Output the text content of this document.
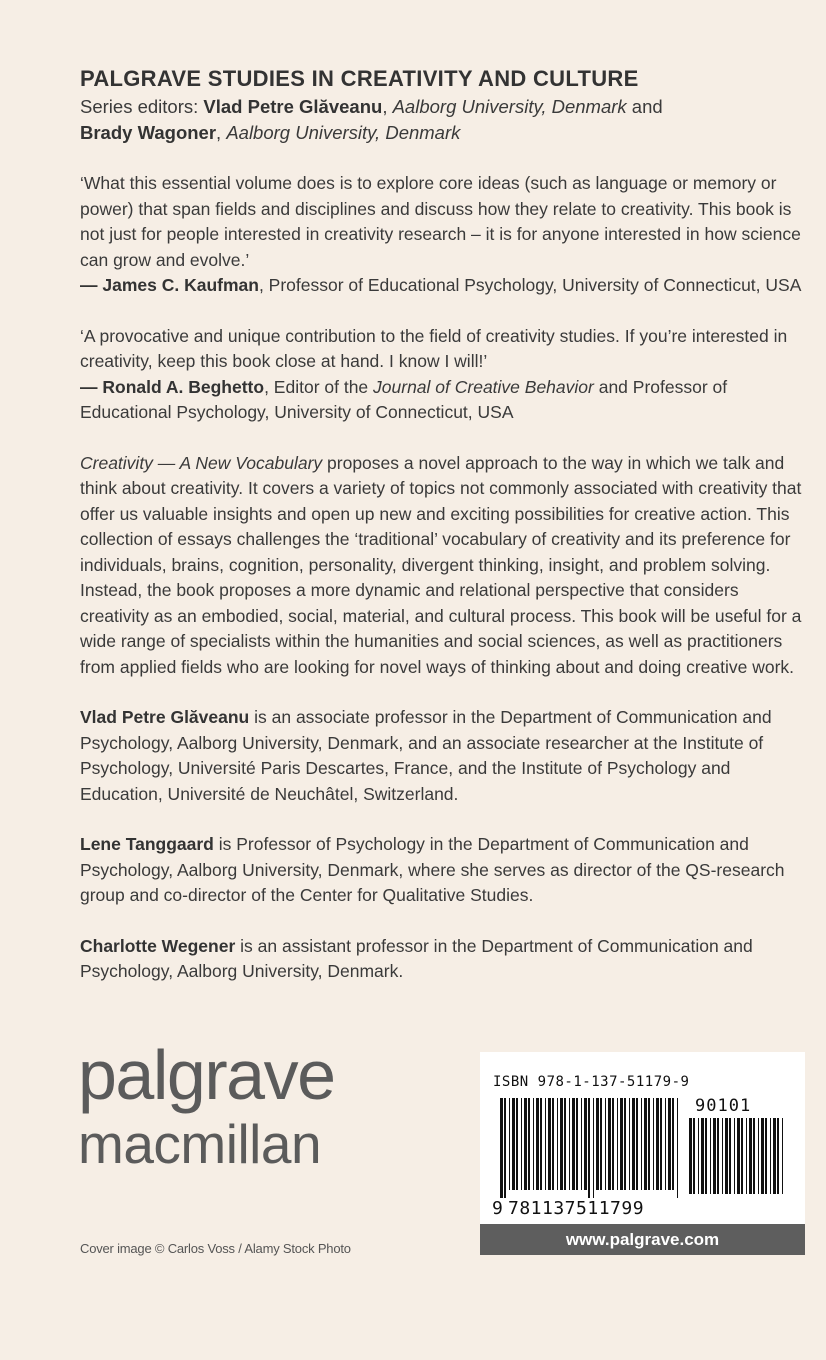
PALGRAVE STUDIES IN CREATIVITY AND CULTURE

Series editors: Vlad Petre Glăveanu, Aalborg University, Denmark and
Brady Wagoner, Aalborg University, Denmark

‘What this essential volume does is to explore core ideas (such as language or memory or power) that span fields and disciplines and discuss how they relate to creativity. This book is not just for people interested in creativity research – it is for anyone interested in how science can grow and evolve.’
— James C. Kaufman, Professor of Educational Psychology, University of Connecticut, USA

‘A provocative and unique contribution to the field of creativity studies. If you’re interested in creativity, keep this book close at hand. I know I will!’
— Ronald A. Beghetto, Editor of the Journal of Creative Behavior and Professor of Educational Psychology, University of Connecticut, USA

Creativity — A New Vocabulary proposes a novel approach to the way in which we talk and think about creativity. It covers a variety of topics not commonly associated with creativity that offer us valuable insights and open up new and exciting possibilities for creative action. This collection of essays challenges the ‘traditional’ vocabulary of creativity and its preference for individuals, brains, cognition, personality, divergent thinking, insight, and problem solving. Instead, the book proposes a more dynamic and relational perspective that considers creativity as an embodied, social, material, and cultural process. This book will be useful for a wide range of specialists within the humanities and social sciences, as well as practitioners from applied fields who are looking for novel ways of thinking about and doing creative work.

Vlad Petre Glăveanu is an associate professor in the Department of Communication and Psychology, Aalborg University, Denmark, and an associate researcher at the Institute of Psychology, Université Paris Descartes, France, and the Institute of Psychology and Education, Université de Neuchâtel, Switzerland.

Lene Tanggaard is Professor of Psychology in the Department of Communication and Psychology, Aalborg University, Denmark, where she serves as director of the QS-research group and co-director of the Center for Qualitative Studies.

Charlotte Wegener is an assistant professor in the Department of Communication and Psychology, Aalborg University, Denmark.

palgrave
macmillan
ISBN 978-1-137-51179-9
90101
9 781137511799
www.palgrave.com
Cover image © Carlos Voss / Alamy Stock Photo
